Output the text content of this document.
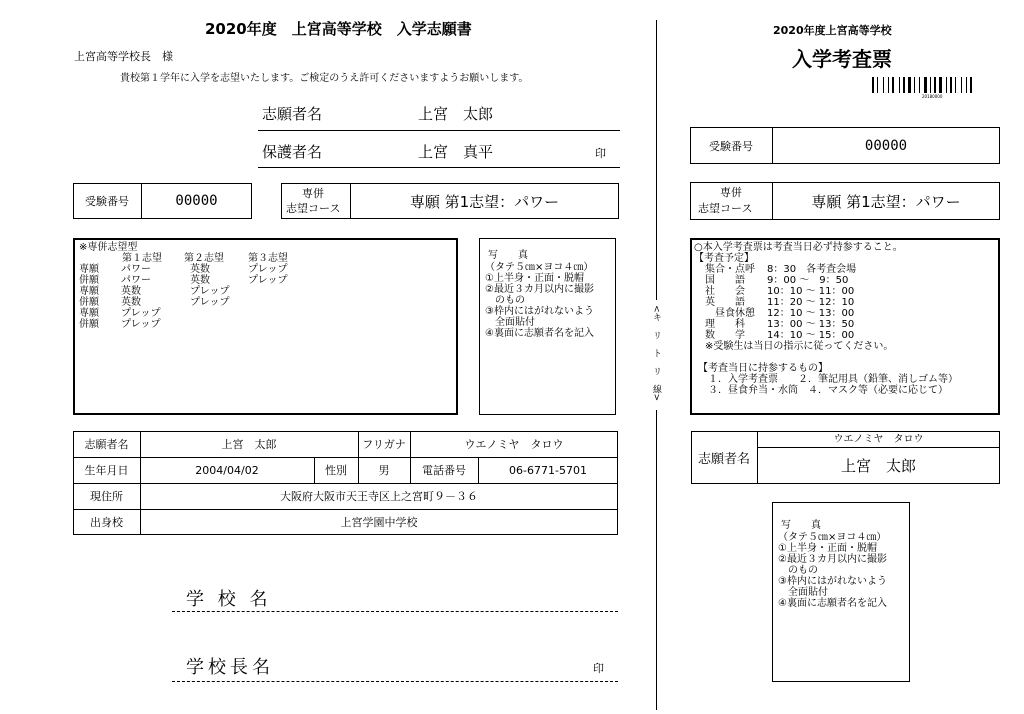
2020年度　上宮高等学校　入学志願書
上宮高等学校長　様
貴校第１学年に入学を志望いたします。ご検定のうえ許可くださいますようお願いします。
志願者名	上宮　太郎
保護者名	上宮　真平	印
受験番号	00000	専併
志望コース	専願 第1志望：パワー
※専併志望型
第１志望 第２志望 第３志望
専願 パワー	英数	プレップ
併願 パワー	英数	プレップ
専願 英数	プレップ
併願 英数	プレップ
専願 プレップ
併願 プレップ
写　　真
（タテ５㎝×ヨコ４㎝）
①上半身・正面・脱帽
②最近３カ月以内に撮影
　のもの
③枠内にはがれないよう
　全面貼付
④裏面に志願者名を記入
志願者名	上宮　太郎	フリガナ	ウエノミヤ　タロウ
生年月日	2004/04/02	性別	男	電話番号	06-6771-5701
現住所	大阪府大阪市天王寺区上之宮町９－３６
出身校	上宮学園中学校
学 校 名
学校長名	印
<キ　リ　ト　リ　線>
2020年度上宮高等学校
入学考査票
20180000
受験番号	00000
専併
志望コース	専願 第1志望：パワー
○本入学考査票は考査当日必ず持参すること。
【考査予定】
集合・点呼 8：30　各考査会場
国　　語 9：00 ～　9：50
社　　会 10：10 ～ 11：00
英　　語 11：20 ～ 12：10
　昼食休憩 12：10 ～ 13：00
理　　科 13：00 ～ 13：50
数　　学 14：10 ～ 15：00
※受験生は当日の指示に従ってください。
【考査当日に持参するもの】
１．入学考査票　　２．筆記用具（鉛筆、消しゴム等）
３．昼食弁当・水筒　４．マスク等（必要に応じて）
志願者名
ウエノミヤ　タロウ
上宮　太郎
写　　真
（タテ５㎝×ヨコ４㎝）
①上半身・正面・脱帽
②最近３カ月以内に撮影
　のもの
③枠内にはがれないよう
　全面貼付
④裏面に志願者名を記入
